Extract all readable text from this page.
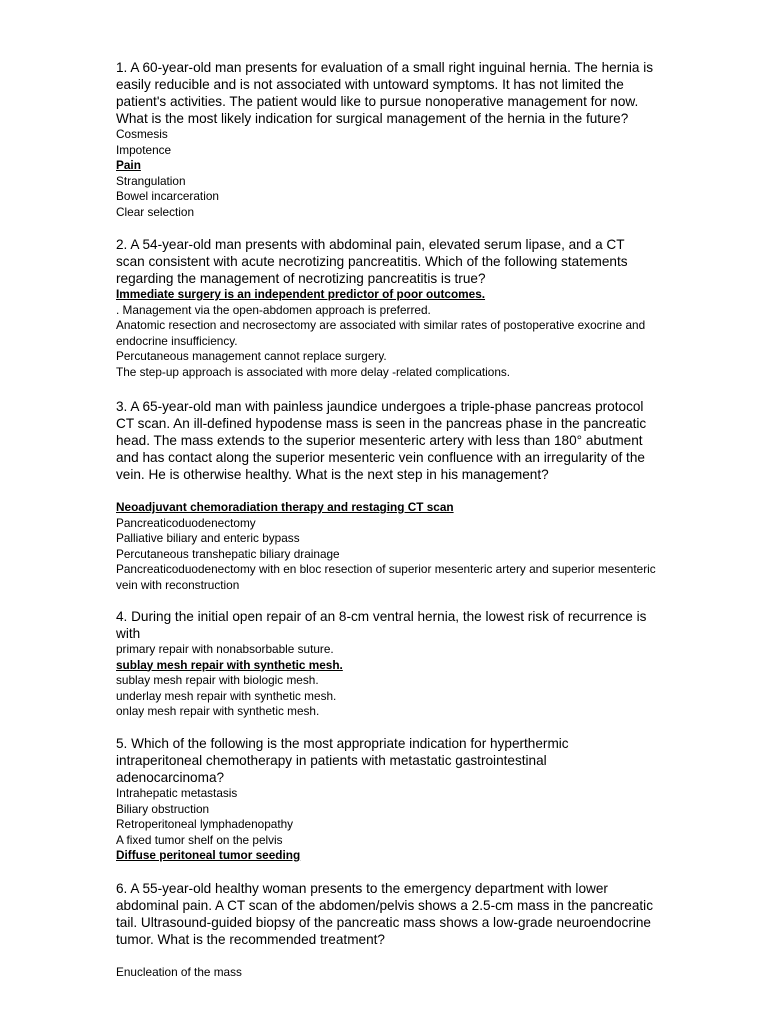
1. A 60-year-old man presents for evaluation of a small right inguinal hernia. The hernia is easily reducible and is not associated with untoward symptoms. It has not limited the patient's activities. The patient would like to pursue nonoperative management for now. What is the most likely indication for surgical management of the hernia in the future?

Cosmesis
Impotence
Pain
Strangulation
Bowel incarceration
Clear selection

2. A 54-year-old man presents with abdominal pain, elevated serum lipase, and a CT scan consistent with acute necrotizing pancreatitis. Which of the following statements regarding the management of necrotizing pancreatitis is true?

Immediate surgery is an independent predictor of poor outcomes.
. Management via the open-abdomen approach is preferred.
Anatomic resection and necrosectomy are associated with similar rates of postoperative exocrine and endocrine insufficiency.
Percutaneous management cannot replace surgery.
The step-up approach is associated with more delay -related complications.

3. A 65-year-old man with painless jaundice undergoes a triple-phase pancreas protocol CT scan. An ill-defined hypodense mass is seen in the pancreas phase in the pancreatic head. The mass extends to the superior mesenteric artery with less than 180° abutment and has contact along the superior mesenteric vein confluence with an irregularity of the vein. He is otherwise healthy. What is the next step in his management?

Neoadjuvant chemoradiation therapy and restaging CT scan
Pancreaticoduodenectomy
Palliative biliary and enteric bypass
Percutaneous transhepatic biliary drainage
Pancreaticoduodenectomy with en bloc resection of superior mesenteric artery and superior mesenteric vein with reconstruction

4. During the initial open repair of an 8-cm ventral hernia, the lowest risk of recurrence is with

primary repair with nonabsorbable suture.
sublay mesh repair with synthetic mesh.
sublay mesh repair with biologic mesh.
underlay mesh repair with synthetic mesh.
onlay mesh repair with synthetic mesh.

5. Which of the following is the most appropriate indication for hyperthermic intraperitoneal chemotherapy in patients with metastatic gastrointestinal adenocarcinoma?

Intrahepatic metastasis
Biliary obstruction
Retroperitoneal lymphadenopathy
A fixed tumor shelf on the pelvis
Diffuse peritoneal tumor seeding

6. A 55-year-old healthy woman presents to the emergency department with lower abdominal pain. A CT scan of the abdomen/pelvis shows a 2.5-cm mass in the pancreatic tail. Ultrasound-guided biopsy of the pancreatic mass shows a low-grade neuroendocrine tumor. What is the recommended treatment?

Enucleation of the mass
